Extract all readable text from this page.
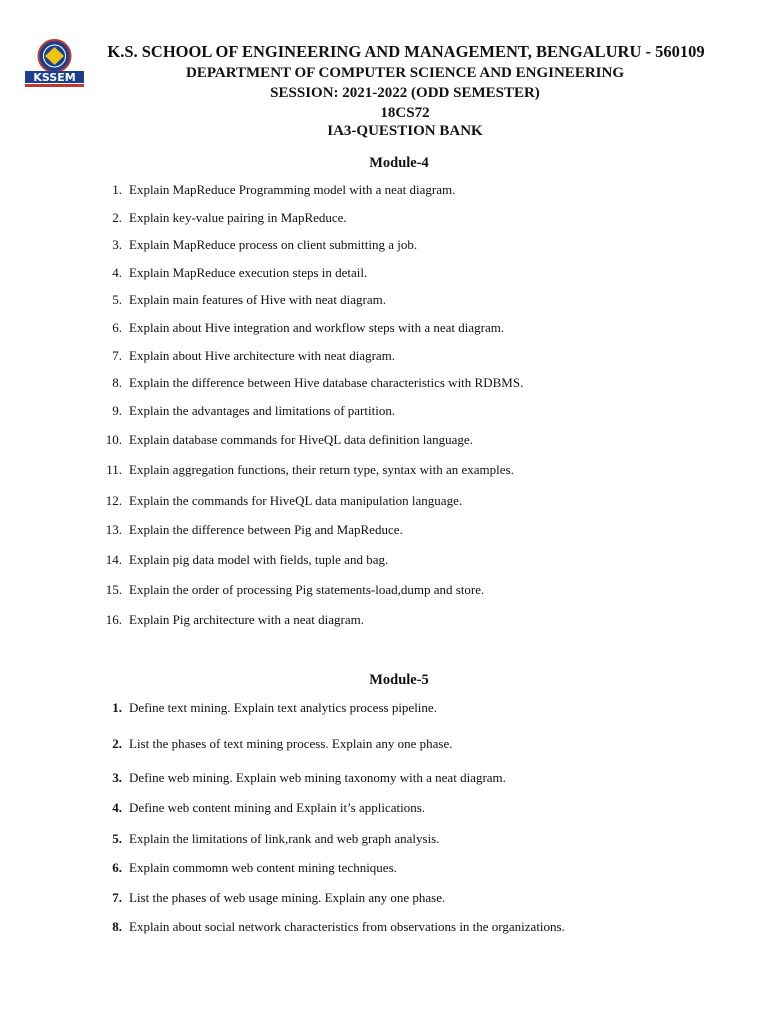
KSSEM
K.S. SCHOOL OF ENGINEERING AND MANAGEMENT, BENGALURU - 560109
DEPARTMENT OF COMPUTER SCIENCE AND ENGINEERING
SESSION: 2021-2022 (ODD SEMESTER)
18CS72
IA3-QUESTION BANK
Module-4
1. Explain MapReduce Programming model with a neat diagram.
2. Explain key-value pairing in MapReduce.
3. Explain MapReduce process on client submitting a job.
4. Explain MapReduce execution steps in detail.
5. Explain main features of Hive with neat diagram.
6. Explain about Hive integration and workflow steps with a neat diagram.
7. Explain about Hive architecture with neat diagram.
8. Explain the difference between Hive database characteristics with RDBMS.
9. Explain the advantages and limitations of partition.
10. Explain database commands for HiveQL data definition language.
11. Explain aggregation functions, their return type, syntax with an examples.
12. Explain the commands for HiveQL data manipulation language.
13. Explain the difference between Pig and MapReduce.
14. Explain pig data model with fields, tuple and bag.
15. Explain the order of processing Pig statements-load,dump and store.
16. Explain Pig architecture with a neat diagram.
Module-5
1. Define text mining. Explain text analytics process pipeline.
2. List the phases of text mining process. Explain any one phase.
3. Define web mining. Explain web mining taxonomy with a neat diagram.
4. Define web content mining and Explain it’s applications.
5. Explain the limitations of link,rank and web graph analysis.
6. Explain commomn web content mining techniques.
7. List the phases of web usage mining. Explain any one phase.
8. Explain about social network characteristics from observations in the organizations.
